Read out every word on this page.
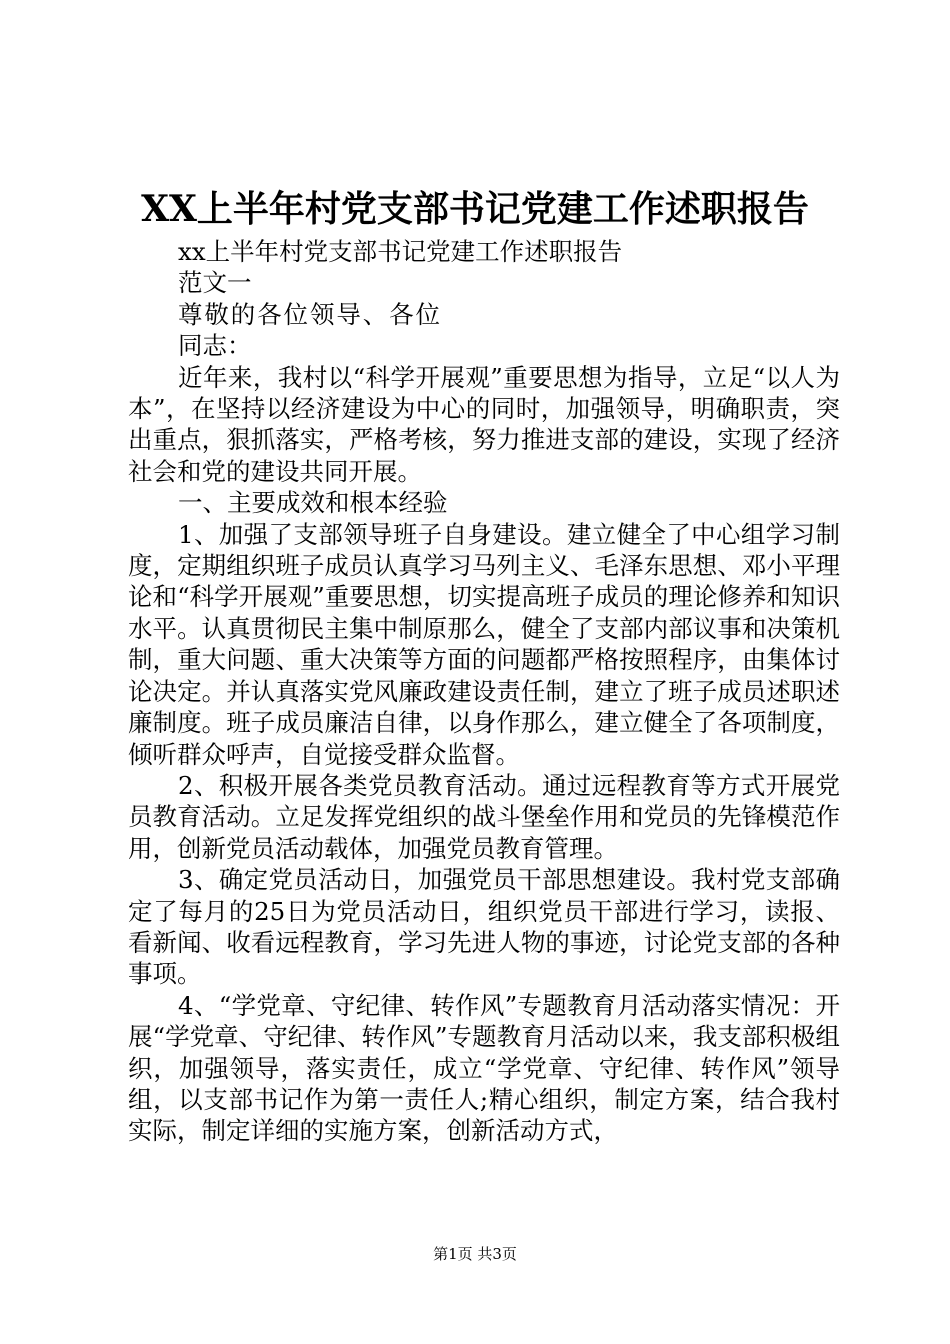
XX上半年村党支部书记党建工作述职报告
xx上半年村党支部书记党建工作述职报告
范文一
尊敬的各位领导、各位同志：
近年来，我村以“科学开展观”重要思想为指导，立足“以人为本”，在坚持以经济建设为中心的同时，加强领导，明确职责，突出重点，狠抓落实，严格考核，努力推进支部的建设，实现了经济社会和党的建设共同开展。
一、主要成效和根本经验
1、加强了支部领导班子自身建设。建立健全了中心组学习制度，定期组织班子成员认真学习马列主义、毛泽东思想、邓小平理论和“科学开展观”重要思想，切实提高班子成员的理论修养和知识水平。认真贯彻民主集中制原那么，健全了支部内部议事和决策机制，重大问题、重大决策等方面的问题都严格按照程序，由集体讨论决定。并认真落实党风廉政建设责任制，建立了班子成员述职述廉制度。班子成员廉洁自律，以身作那么，建立健全了各项制度，倾听群众呼声，自觉接受群众监督。
2、积极开展各类党员教育活动。通过远程教育等方式开展党员教育活动。立足发挥党组织的战斗堡垒作用和党员的先锋模范作用，创新党员活动载体，加强党员教育管理。
3、确定党员活动日，加强党员干部思想建设。我村党支部确定了每月的25日为党员活动日，组织党员干部进行学习，读报、看新闻、收看远程教育，学习先进人物的事迹，讨论党支部的各种事项。
4、“学党章、守纪律、转作风”专题教育月活动落实情况：开展“学党章、守纪律、转作风”专题教育月活动以来，我支部积极组织，加强领导，落实责任，成立“学党章、守纪律、转作风”领导组，以支部书记作为第一责任人;精心组织，制定方案，结合我村实际，制定详细的实施方案，创新活动方式，
第1页 共3页
